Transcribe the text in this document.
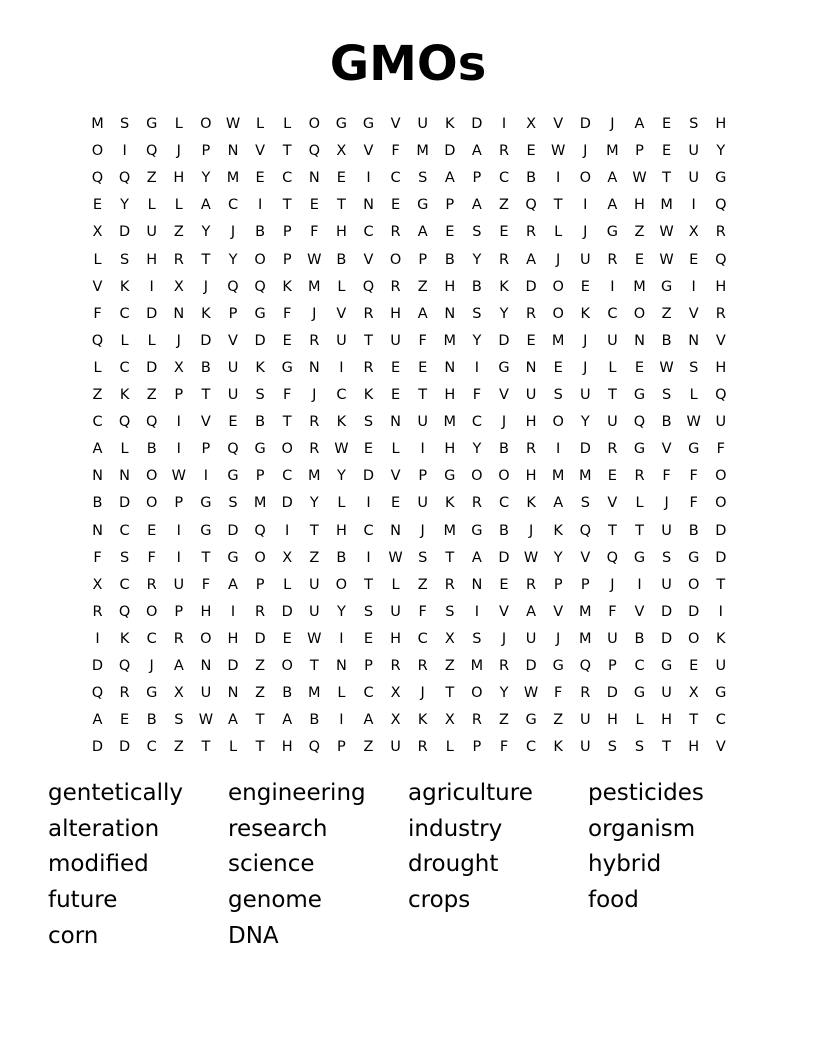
GMOs
M	S	G	L	O W	L	L	O	G	G	V	U	K	D	I	X	V	D	J	A	E	S	H
O	I	Q	J	P	N	V	T	Q	X	V	F	M	D	A	R	E	W	J	M	P	E	U	Y
Q	Q	Z	H	Y	M	E	C	N	E	I	C	S	A	P	C	B	I	O	A	W	T	U	G
E	Y	L	L	A	C	I	T	E	T	N	E	G	P	A	Z	Q	T	I	A	H	M	I	Q
X	D	U	Z	Y	J	B	P	F	H	C	R	A	E	S	E	R	L	J	G	Z	W	X	R
L	S	H	R	T	Y	O	P	W	B	V	O	P	B	Y	R	A	J	U	R	E	W	E	Q
V	K	I	X	J	Q	Q	K	M	L	Q	R	Z	H	B	K	D	O	E	I	M	G	I	H
F	C	D	N	K	P	G	F	J	V	R	H	A	N	S	Y	R	O	K	C	O	Z	V	R
Q	L	L	J	D	V	D	E	R	U	T	U	F	M	Y	D	E	M	J	U	N	B	N	V
L	C	D	X	B	U	K	G	N	I	R	E	E	N	I	G	N	E	J	L	E	W	S	H
Z	K	Z	P	T	U	S	F	J	C	K	E	T	H	F	V	U	S	U	T	G	S	L	Q
C	Q	Q	I	V	E	B	T	R	K	S	N	U	M	C	J	H	O	Y	U	Q	B	W	U
A	L	B	I	P	Q	G	O	R	W	E	L	I	H	Y	B	R	I	D	R	G	V	G	F
N	N	O W	I	G	P	C	M	Y	D	V	P	G	O	O	H	M	M	E	R	F	F	O
B	D	O	P	G	S	M	D	Y	L	I	E	U	K	R	C	K	A	S	V	L	J	F	O
N	C	E	I	G	D	Q	I	T	H	C	N	J	M	G	B	J	K	Q	T	T	U	B	D
F	S	F	I	T	G	O	X	Z	B	I	W	S	T	A	D W	Y	V	Q	G	S	G	D
X	C	R	U	F	A	P	L	U	O	T	L	Z	R	N	E	R	P	P	J	I	U	O	T
R	Q	O	P	H	I	R	D	U	Y	S	U	F	S	I	V	A	V	M	F	V	D	D	I
I	K	C	R	O	H	D	E	W	I	E	H	C	X	S	J	U	J	M	U	B	D	O	K
D	Q	J	A	N	D	Z	O	T	N	P	R	R	Z	M	R	D	G	Q	P	C	G	E	U
Q	R	G	X	U	N	Z	B	M	L	C	X	J	T	O	Y	W	F	R	D	G	U	X	G
A	E	B	S	W	A	T	A	B	I	A	X	K	X	R	Z	G	Z	U	H	L	H	T	C
D	D	C	Z	T	L	T	H	Q	P	Z	U	R	L	P	F	C	K	U	S	S	T	H	V
gentetically engineering agriculture pesticides
alteration	research	industry	organism
modified	science	drought	hybrid
future	genome	crops	food
corn	DNA
